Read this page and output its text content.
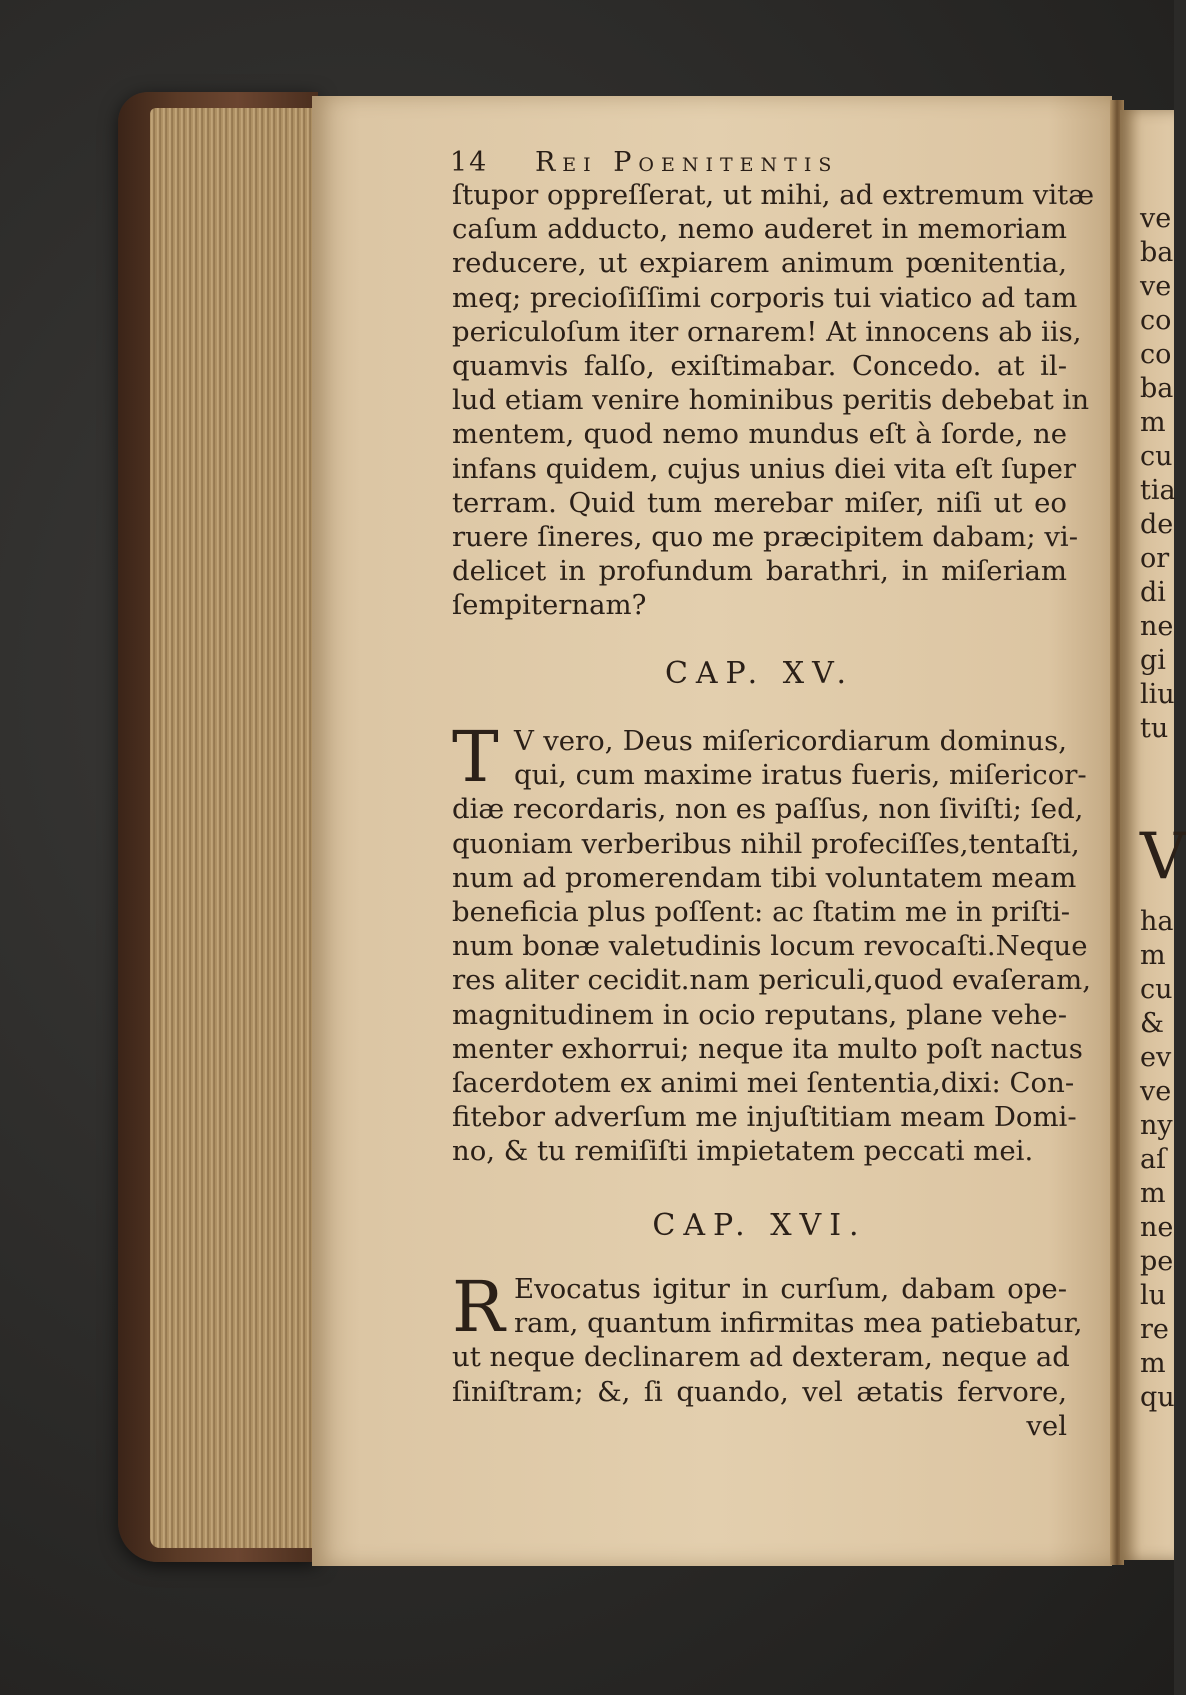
14 Rei Poenitentis
ſtupor oppreſſerat, ut mihi, ad extremum vitæ
caſum adducto, nemo auderet in memoriam
reducere, ut expiarem animum pœnitentia,
meq; precioſiſſimi corporis tui viatico ad tam
periculoſum iter ornarem! At innocens ab iis,
quamvis falſo, exiſtimabar. Concedo. at il-
lud etiam venire hominibus peritis debebat in
mentem, quod nemo mundus eſt à ſorde, ne
infans quidem, cujus unius diei vita eſt ſuper
terram. Quid tum merebar miſer, niſi ut eo
ruere ſineres, quo me præcipitem dabam; vi-
delicet in profundum barathri, in miſeriam
ſempiternam?
CAP. XV.
T V vero, Deus miſericordiarum dominus,
qui, cum maxime iratus fueris, miſericor-
diæ recordaris, non es paſſus, non ſiviſti; ſed,
quoniam verberibus nihil profeciſſes,tentaſti,
num ad promerendam tibi voluntatem meam
beneficia plus poſſent: ac ſtatim me in priſti-
num bonæ valetudinis locum revocaſti.Neque
res aliter cecidit.nam periculi,quod evaſeram,
magnitudinem in ocio reputans, plane vehe-
menter exhorrui; neque ita multo poſt nactus
ſacerdotem ex animi mei ſententia,dixi: Con-
fitebor adverſum me injuſtitiam meam Domi-
no, & tu remiſiſti impietatem peccati mei.
CAP. XVI.
R Evocatus igitur in curſum, dabam ope-
ram, quantum infirmitas mea patiebatur,
ut neque declinarem ad dexteram, neque ad
ſiniſtram; &, ſi quando, vel ætatis fervore,
vel
ve
ba
ve
co
co
ba
m
cu
tia
de
or
di
ne
gi
liu
tu
V
ha
m
cu
&
ev
ve
ny
aſ
m
ne
pe
lu
re
m
qu
